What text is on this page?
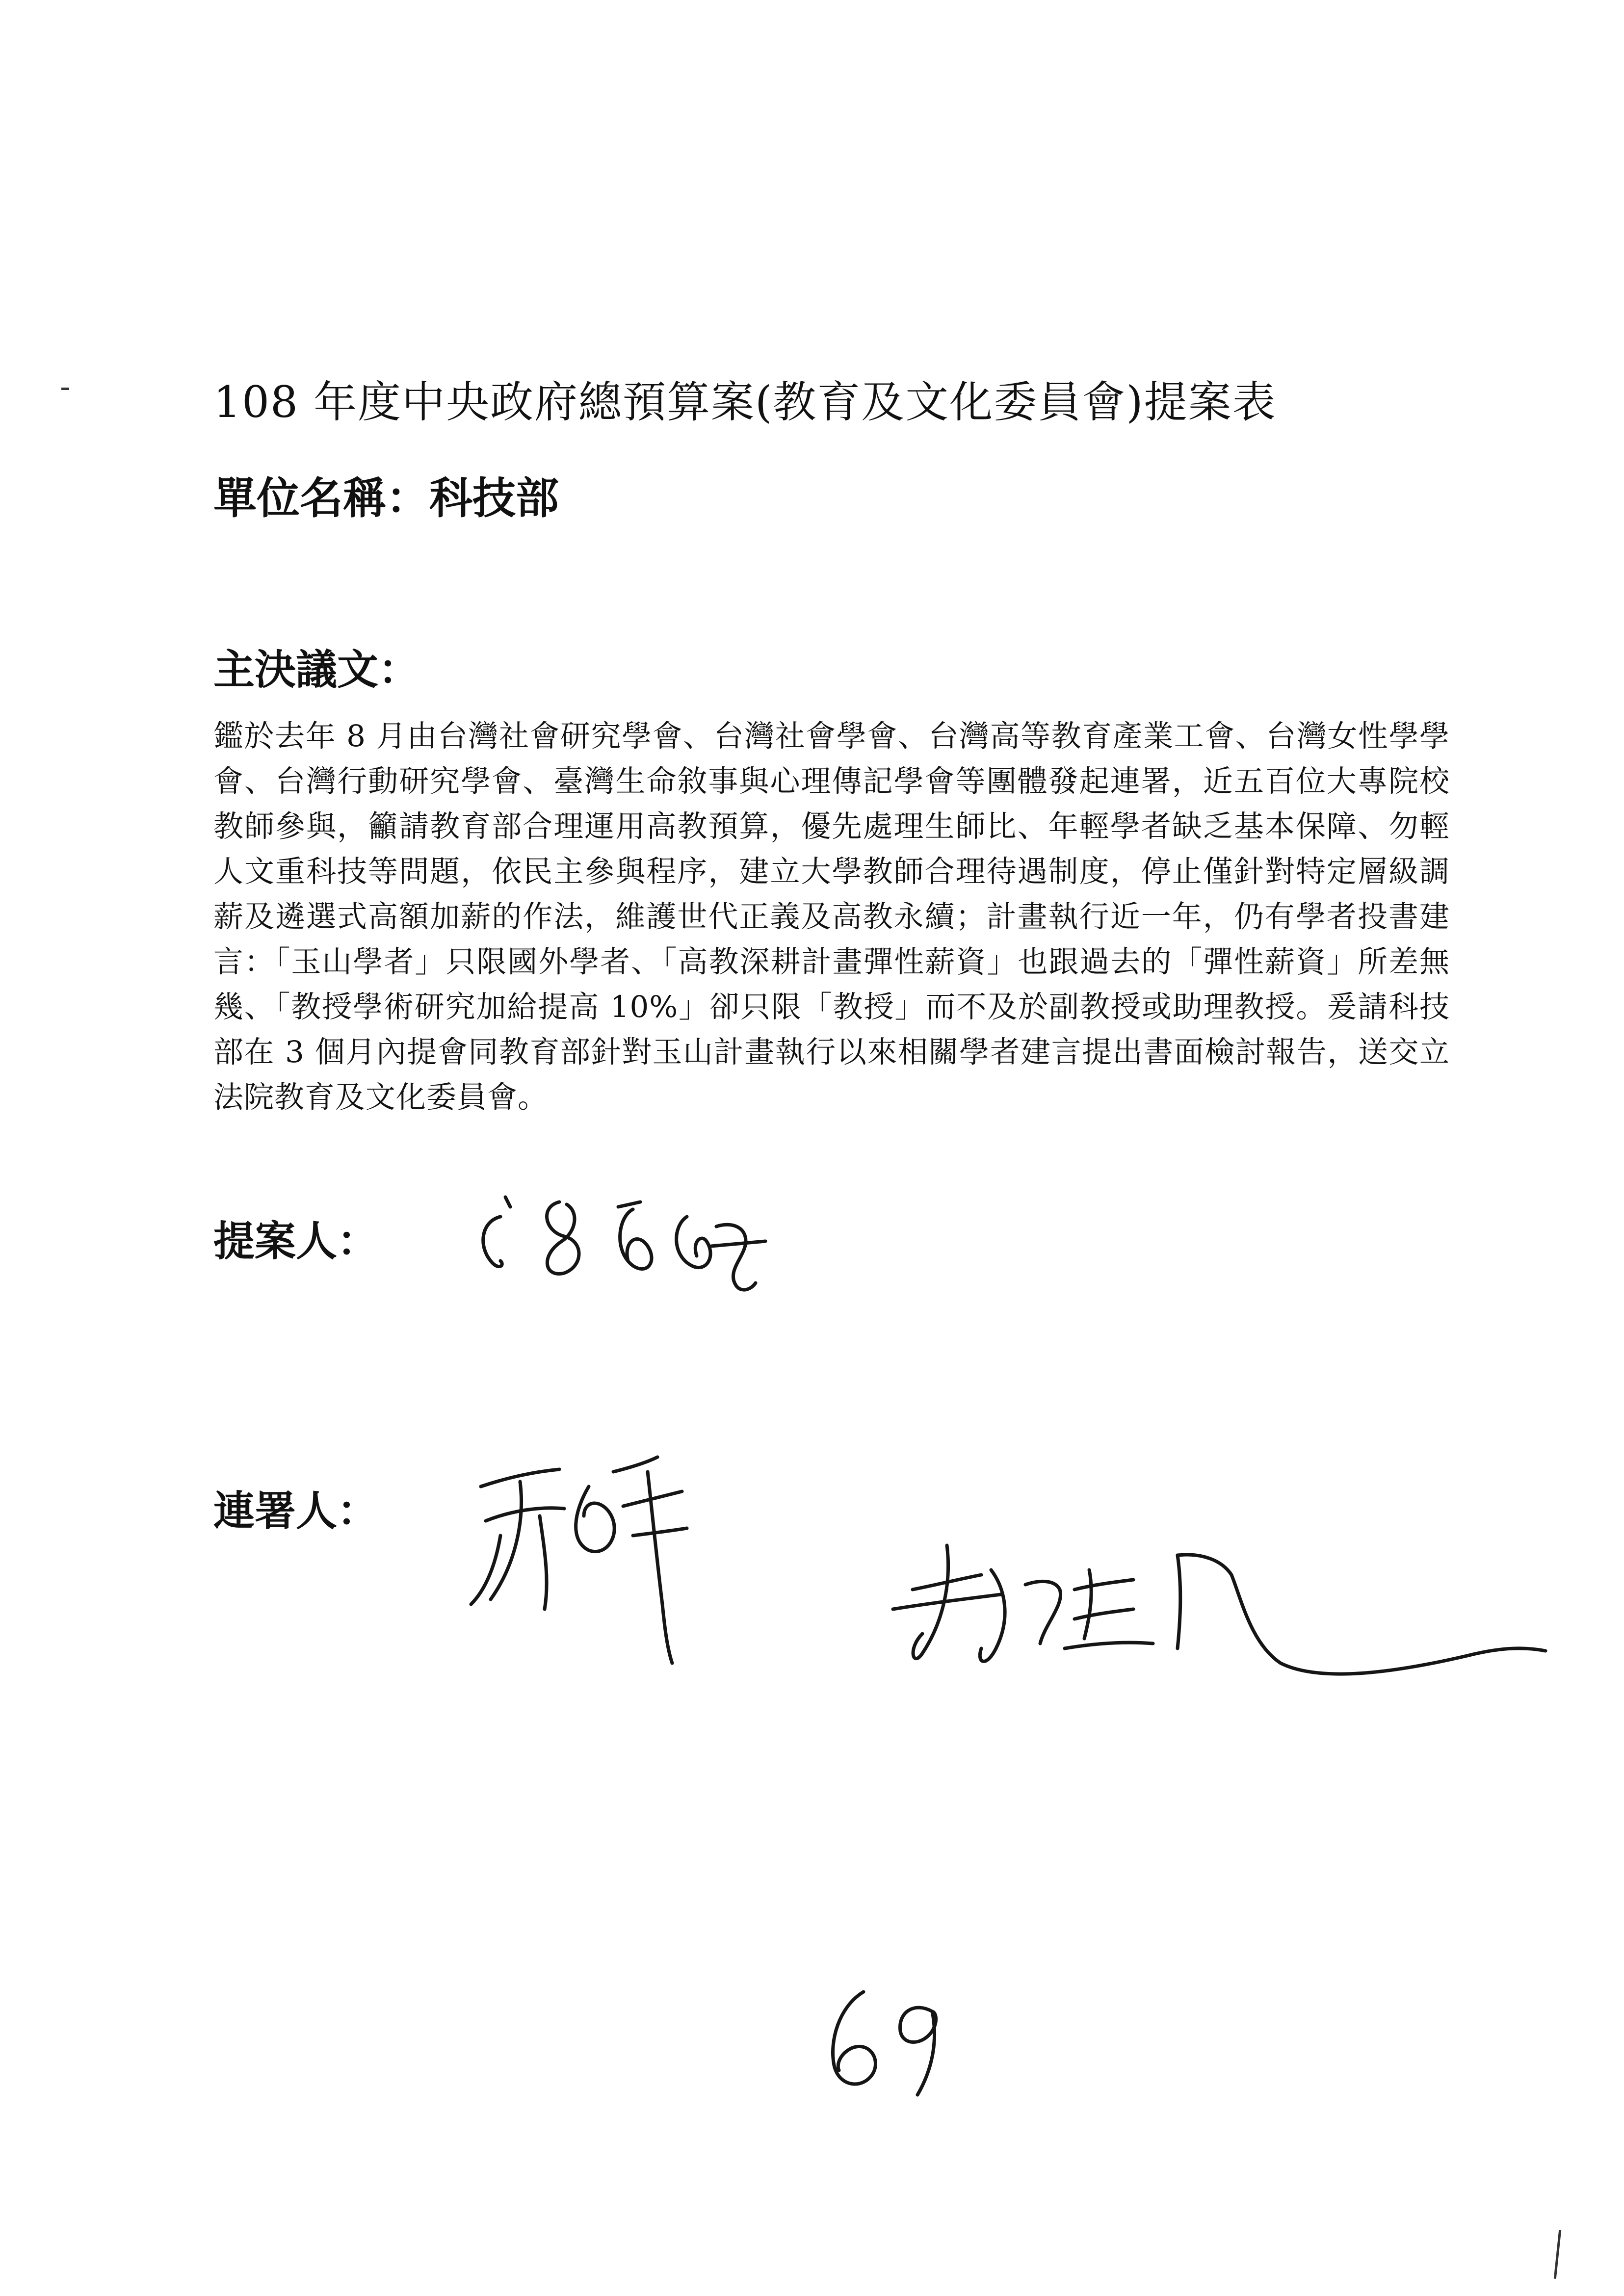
108 年度中央政府總預算案(教育及文化委員會)提案表
單位名稱：科技部
主決議文：
鑑於去年 8 月由台灣社會研究學會、台灣社會學會、台灣高等教育產業工會、台灣女性學學會、台灣行動研究學會、臺灣生命敘事與心理傳記學會等團體發起連署，近五百位大專院校教師參與，籲請教育部合理運用高教預算，優先處理生師比、年輕學者缺乏基本保障、勿輕人文重科技等問題，依民主參與程序，建立大學教師合理待遇制度，停止僅針對特定層級調薪及遴選式高額加薪的作法，維護世代正義及高教永續；計畫執行近一年，仍有學者投書建言：「玉山學者」只限國外學者、「高教深耕計畫彈性薪資」也跟過去的「彈性薪資」所差無幾、「教授學術研究加給提高 10%」卻只限「教授」而不及於副教授或助理教授。爰請科技部在 3 個月內提會同教育部針對玉山計畫執行以來相關學者建言提出書面檢討報告，送交立法院教育及文化委員會。
提案人：
連署人：
69
